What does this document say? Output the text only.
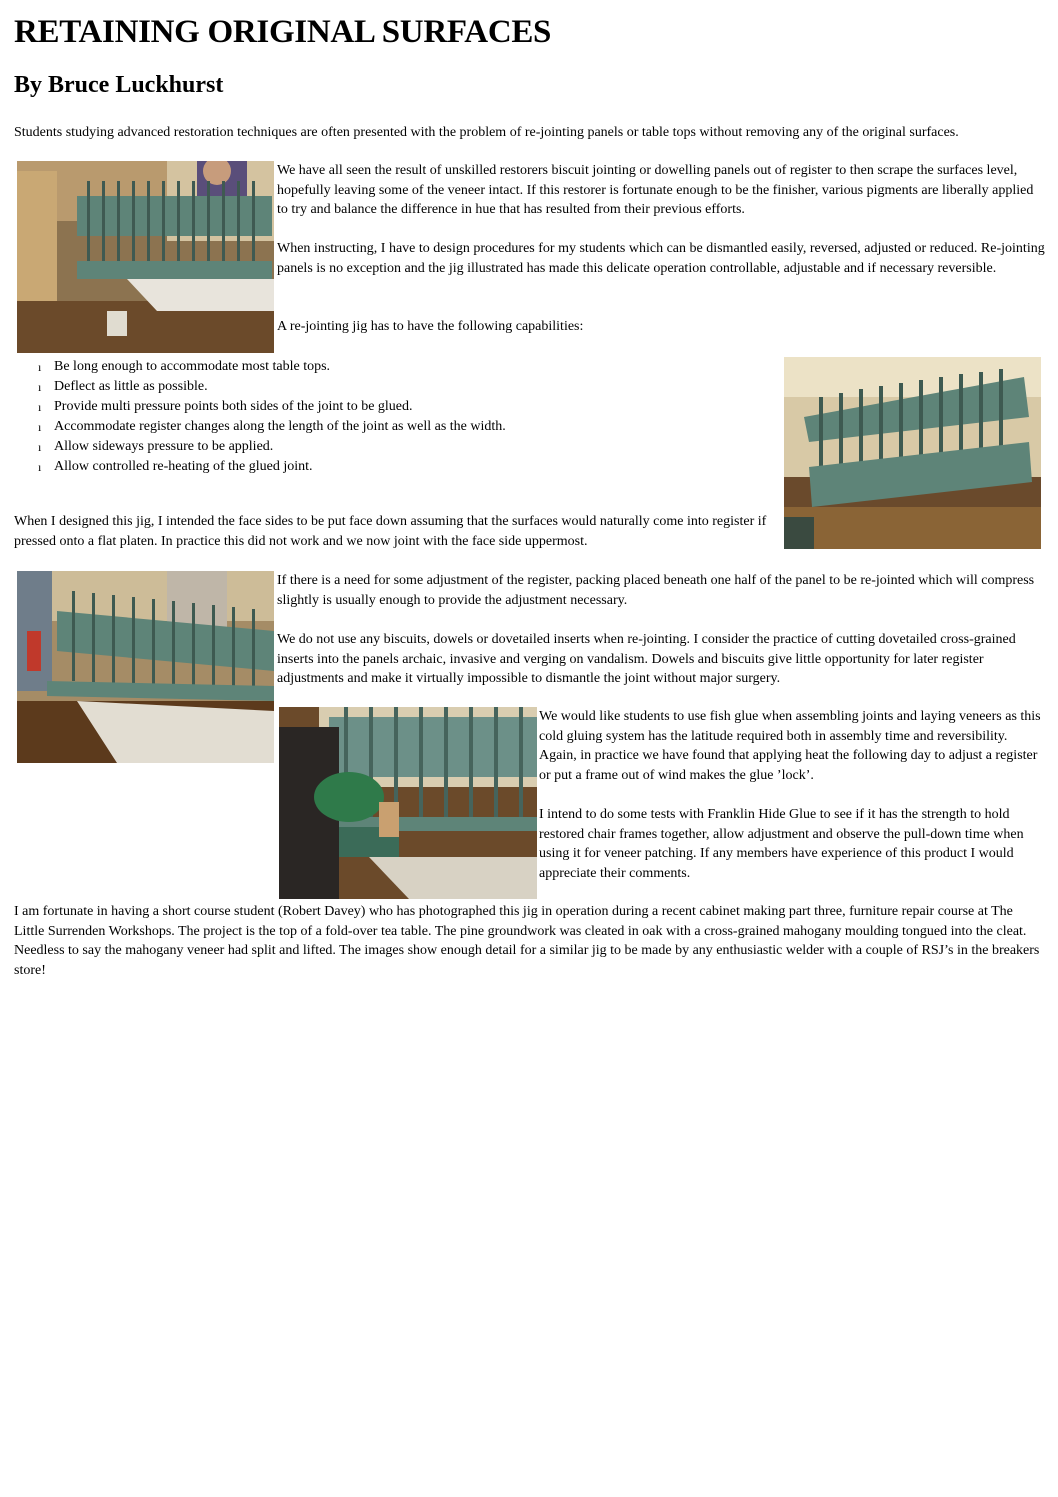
RETAINING ORIGINAL SURFACES
By Bruce Luckhurst

Students studying advanced restoration techniques are often presented with the problem of re-jointing panels or table tops without removing any of the original surfaces.

We have all seen the result of unskilled restorers biscuit jointing or dowelling panels out of register to then scrape the surfaces level, hopefully leaving some of the veneer intact. If this restorer is fortunate enough to be the finisher, various pigments are liberally applied to try and balance the difference in hue that has resulted from their previous efforts.

When instructing, I have to design procedures for my students which can be dismantled easily, reversed, adjusted or reduced. Re-jointing panels is no exception and the jig illustrated has made this delicate operation controllable, adjustable and if necessary reversible.

A re-jointing jig has to have the following capabilities:

ı Be long enough to accommodate most table tops.
ı Deflect as little as possible.
ı Provide multi pressure points both sides of the joint to be glued.
ı Accommodate register changes along the length of the joint as well as the width.
ı Allow sideways pressure to be applied.
ı Allow controlled re-heating of the glued joint.

When I designed this jig, I intended the face sides to be put face down assuming that the surfaces would naturally come into register if pressed onto a flat platen. In practice this did not work and we now joint with the face side uppermost.

If there is a need for some adjustment of the register, packing placed beneath one half of the panel to be re-jointed which will compress slightly is usually enough to provide the adjustment necessary.

We do not use any biscuits, dowels or dovetailed inserts when re-jointing. I consider the practice of cutting dovetailed cross-grained inserts into the panels archaic, invasive and verging on vandalism. Dowels and biscuits give little opportunity for later register adjustments and make it virtually impossible to dismantle the joint without major surgery.

We would like students to use fish glue when assembling joints and laying veneers as this cold gluing system has the latitude required both in assembly time and reversibility. Again, in practice we have found that applying heat the following day to adjust a register or put a frame out of wind makes the glue ’lock’.

I intend to do some tests with Franklin Hide Glue to see if it has the strength to hold restored chair frames together, allow adjustment and observe the pull-down time when using it for veneer patching. If any members have experience of this product I would appreciate their comments.

I am fortunate in having a short course student (Robert Davey) who has photographed this jig in operation during a recent cabinet making part three, furniture repair course at The Little Surrenden Workshops. The project is the top of a fold-over tea table. The pine groundwork was cleated in oak with a cross-grained mahogany moulding tongued into the cleat. Needless to say the mahogany veneer had split and lifted. The images show enough detail for a similar jig to be made by any enthusiastic welder with a couple of RSJ’s in the breakers store!
